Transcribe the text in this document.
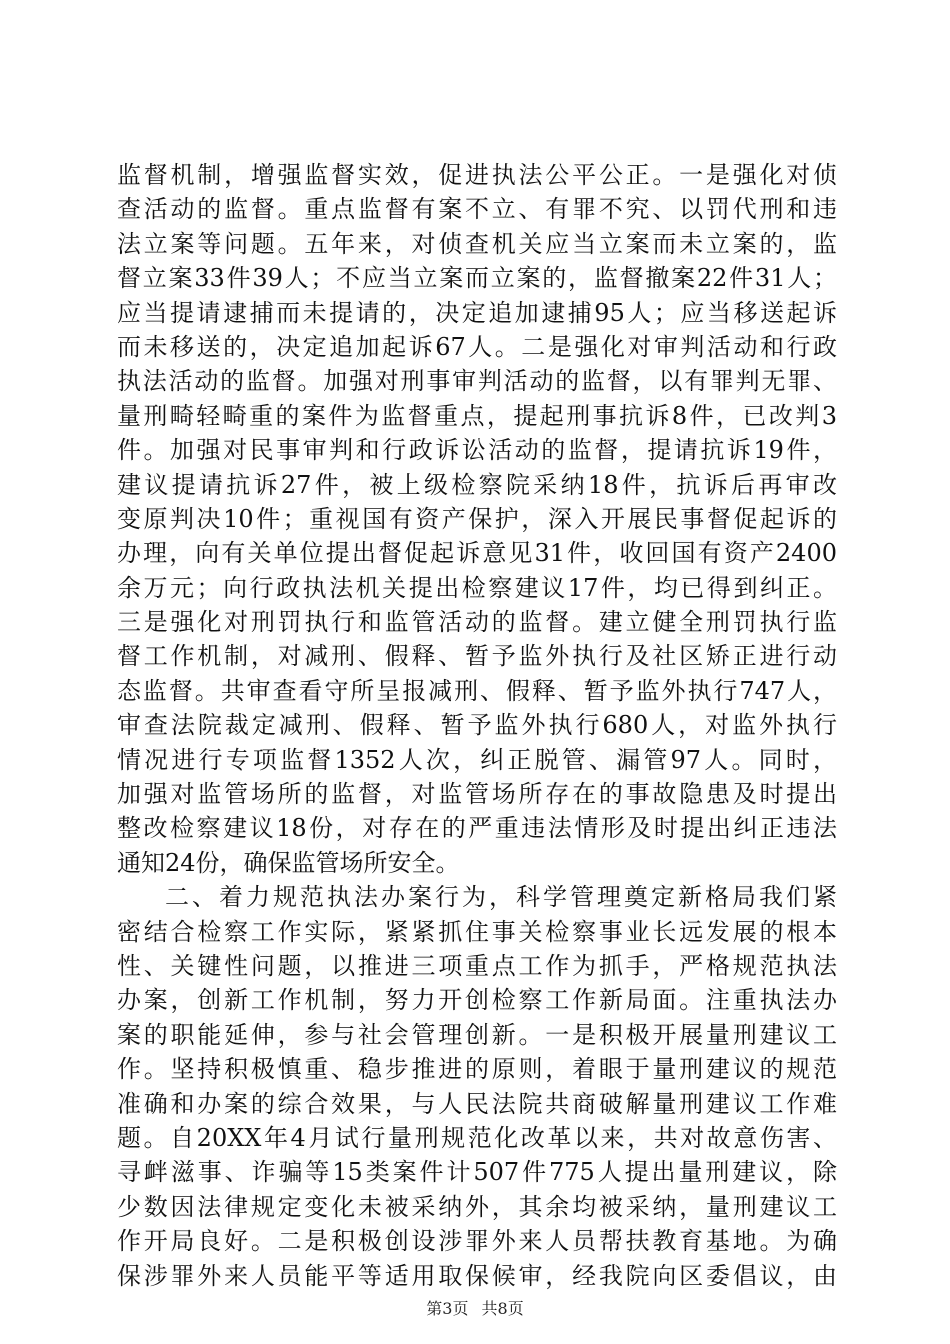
监督机制，增强监督实效，促进执法公平公正。一是强化对侦
查活动的监督。重点监督有案不立、有罪不究、以罚代刑和违
法立案等问题。五年来，对侦查机关应当立案而未立案的，监
督立案33件39人；不应当立案而立案的，监督撤案22件31人；
应当提请逮捕而未提请的，决定追加逮捕95人；应当移送起诉
而未移送的，决定追加起诉67人。二是强化对审判活动和行政
执法活动的监督。加强对刑事审判活动的监督，以有罪判无罪、
量刑畸轻畸重的案件为监督重点，提起刑事抗诉8件，已改判3
件。加强对民事审判和行政诉讼活动的监督，提请抗诉19件，
建议提请抗诉27件，被上级检察院采纳18件，抗诉后再审改
变原判决10件；重视国有资产保护，深入开展民事督促起诉的
办理，向有关单位提出督促起诉意见31件，收回国有资产2400
余万元；向行政执法机关提出检察建议17件，均已得到纠正。
三是强化对刑罚执行和监管活动的监督。建立健全刑罚执行监
督工作机制，对减刑、假释、暂予监外执行及社区矫正进行动
态监督。共审查看守所呈报减刑、假释、暂予监外执行747人，
审查法院裁定减刑、假释、暂予监外执行680人，对监外执行
情况进行专项监督1352人次，纠正脱管、漏管97人。同时，
加强对监管场所的监督，对监管场所存在的事故隐患及时提出
整改检察建议18份，对存在的严重违法情形及时提出纠正违法
通知24份，确保监管场所安全。
二、着力规范执法办案行为，科学管理奠定新格局我们紧
密结合检察工作实际，紧紧抓住事关检察事业长远发展的根本
性、关键性问题，以推进三项重点工作为抓手，严格规范执法
办案，创新工作机制，努力开创检察工作新局面。注重执法办
案的职能延伸，参与社会管理创新。一是积极开展量刑建议工
作。坚持积极慎重、稳步推进的原则，着眼于量刑建议的规范
准确和办案的综合效果，与人民法院共商破解量刑建议工作难
题。自20XX年4月试行量刑规范化改革以来，共对故意伤害、
寻衅滋事、诈骗等15类案件计507件775人提出量刑建议，除
少数因法律规定变化未被采纳外，其余均被采纳，量刑建议工
作开局良好。二是积极创设涉罪外来人员帮扶教育基地。为确
保涉罪外来人员能平等适用取保候审，经我院向区委倡议，由
第3页 共8页
